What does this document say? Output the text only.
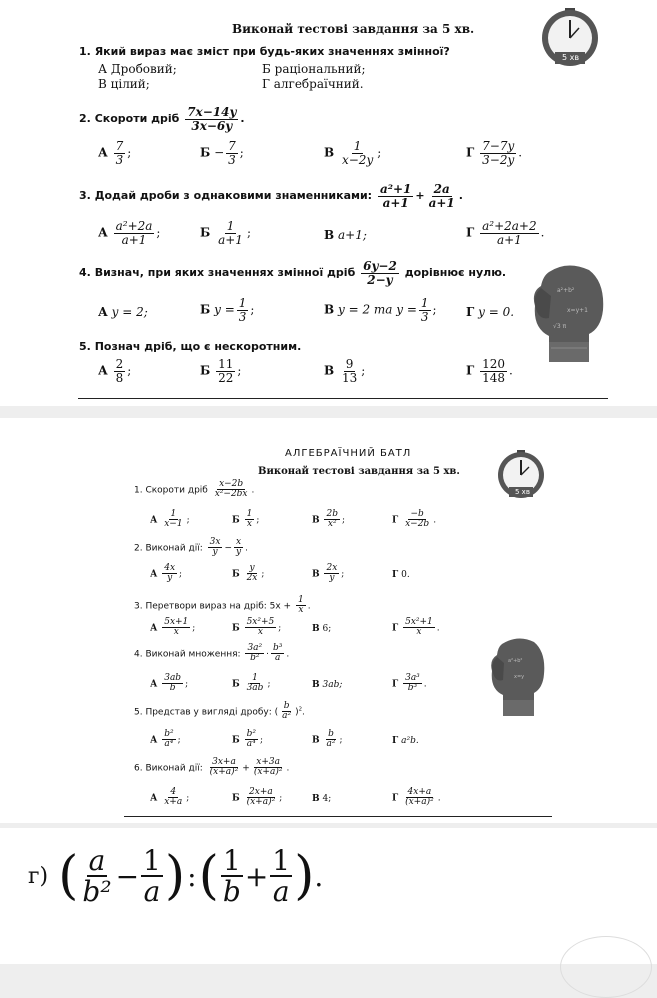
Виконай тестові завдання за 5 хв.
5 хв
1. Який вираз має зміст при будь-яких значеннях змінної?
А Дробовий;	Б раціональний;
В цілий;	Г алгебраїчний.
2. Скороти дріб $\frac{7x-14y}{3x-6y}$ .
А $\frac{7}{3}$ ;	$Б - \frac{7}{3}$ ;	В $\frac{1}{x-2y}$ ;	Г $\frac{7-7y}{3-2y}$ .
3. Додай дроби з однаковими знаменниками: $\frac{\text{a²+1}}{a+1} + \frac{2a}{a+1}$ .
А $\frac{\text{a²+2a}}{a+1}$ ;	Б $\frac{1}{a+1}$ ;	В a+1;	Г $\frac{\text{a²+2a+2}}{a+1}$ .
4. Визнач, при яких значеннях змінної дріб $\frac{6y-2}{2-y}$ дорівнює нулю.
А y = 2;	Б $y = \frac{1}{3}$ ;	В y = 2 та $y = \frac{1}{3}$ ; Г y = 0.
5. Познач дріб, що є нескоротним.
А $\frac{2}{8}$ ;	Б $\frac{11}{22}$ ;	В $\frac{9}{13}$ ;	Г $\frac{120}{148}$ .
a²+b²
x=y+1
√3 π
АЛГЕБРАЇЧНИЙ БАТЛ
Виконай тестові завдання за 5 хв.
5 хв
1. Скороти дріб $\frac{x-2b}{\text{x²−2bx}}$ .
А $\frac{1}{x-1}$ ;	Б $\frac{1}{x}$ ;	В $\frac{2b}{\text{x²}}$ ;	Г $\frac{-b}{x-2b}$ .
2. Виконай дії: $\frac{3x}{y} - \frac{x}{y}$ .
А $\frac{4x}{y}$ ;	Б $\frac{y}{2x}$ ;	В $\frac{2x}{y}$ ;	Г 0.
3. Перетвори вираз на дріб: $5x + \frac{1}{x}$ .
А $\frac{5x+1}{x}$ ;	Б $\frac{\text{5x²+5}}{x}$ ;	В 6;	Г $\frac{\text{5x²+1}}{x}$ .
4. Виконай множення: $\frac{\text{3a²}}{\text{b²}} \cdot \frac{\text{b³}}{a}$ .
А $\frac{3ab}{b}$ ;	Б $\frac{1}{3ab}$ ;	В 3ab;	Г $\frac{\text{3a³}}{\text{b³}}$ .
5. Представ у вигляді дробу: ( $\frac{b}{\text{a²}} )^2$.
А $\frac{\text{b²}}{\text{a⁴}}$ ;	Б $\frac{\text{b²}}{\text{a⁴}}$ ;	В $\frac{b}{\text{a²}}$ ;	Г a²b.
6. Виконай дії: $\frac{3x+a}{\text{(x+a)²}} + \frac{x+3a}{\text{(x+a)²}}$ .
А $\frac{4}{x+a}$ ;	Б $\frac{2x+a}{\text{(x+a)²}}$ ;	В 4;	Г $\frac{4x+a}{\text{(x+a)²}}$ .
a²+b²
x=y
г) ( $\frac{a}{\text{b²}} - \frac{1}{a}$ ) : ( $\frac{1}{b} + \frac{1}{a}$ ) .
